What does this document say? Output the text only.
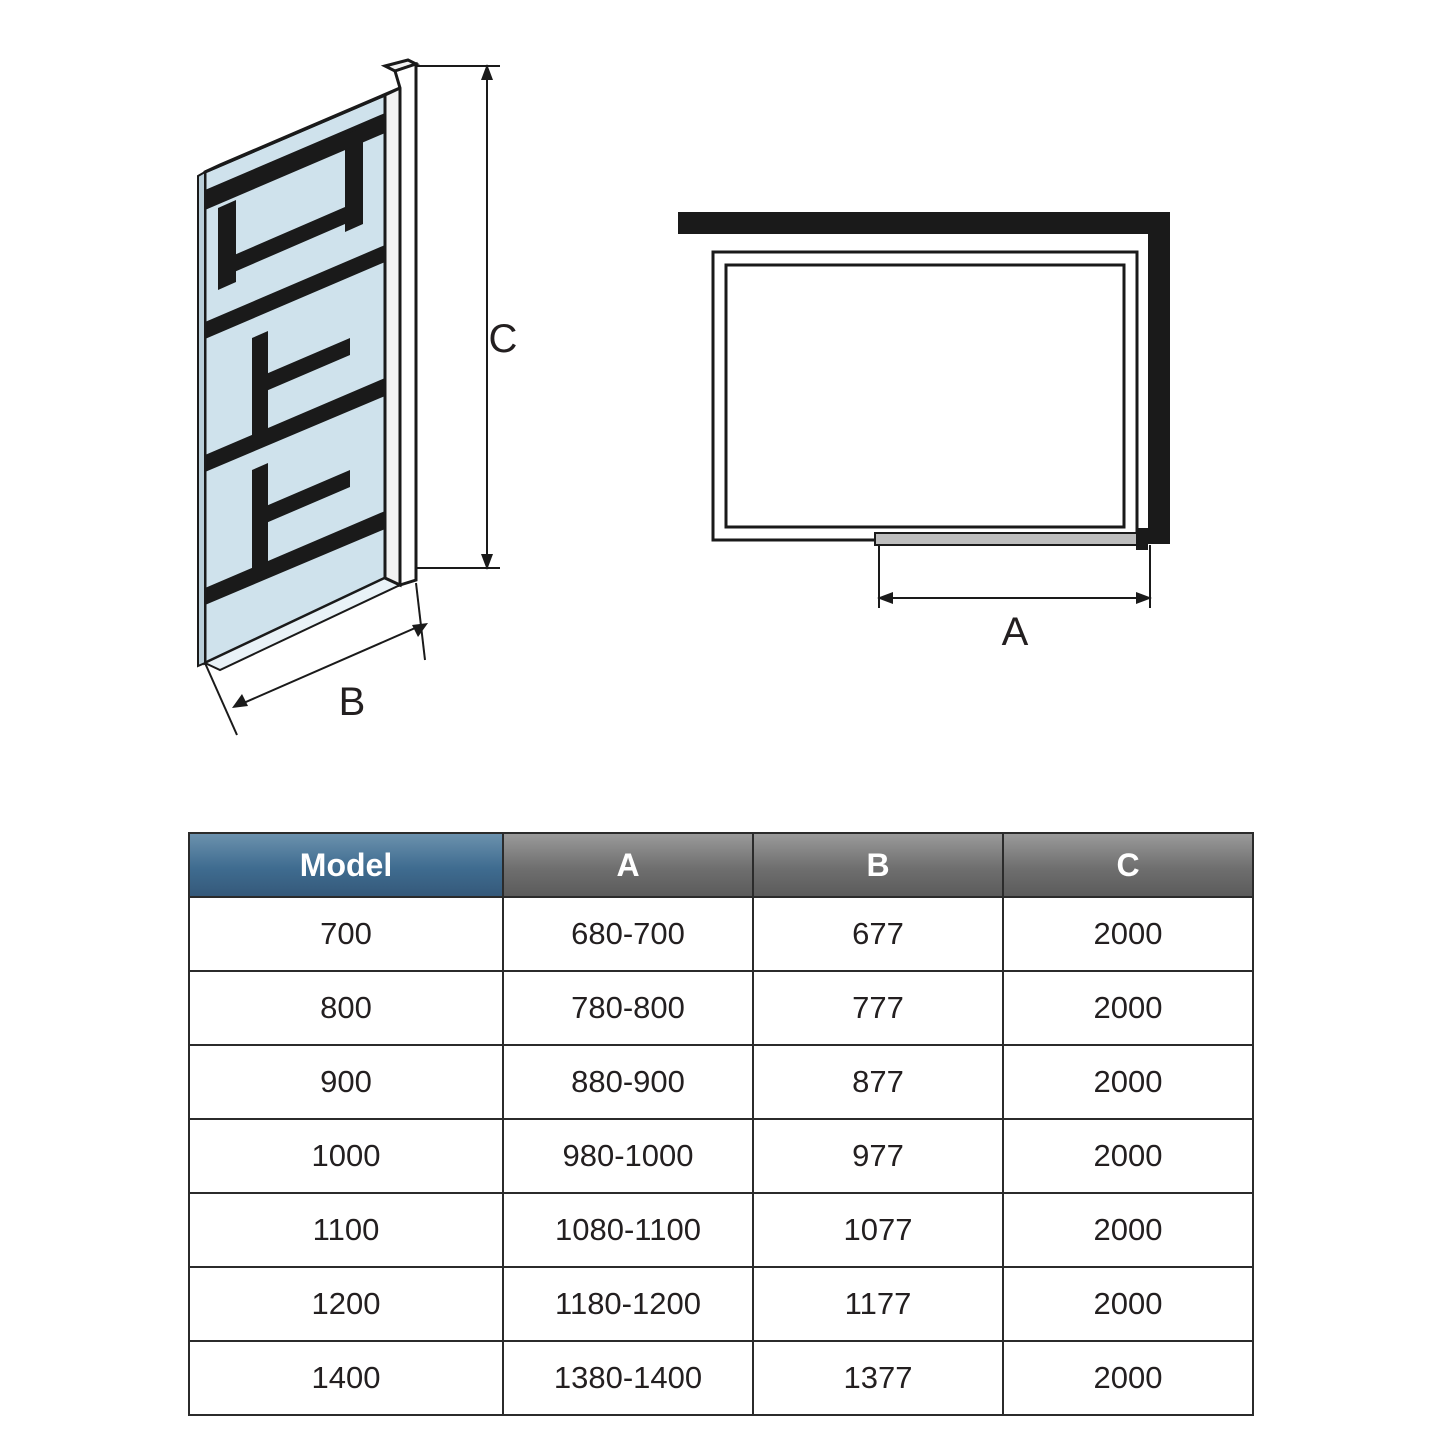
C
B
A
Model	A	B	C
700	680-700	677	2000
800	780-800	777	2000
900	880-900	877	2000
1000	980-1000	977	2000
1100	1080-1100	1077	2000
1200	1180-1200	1177	2000
1400	1380-1400	1377	2000
